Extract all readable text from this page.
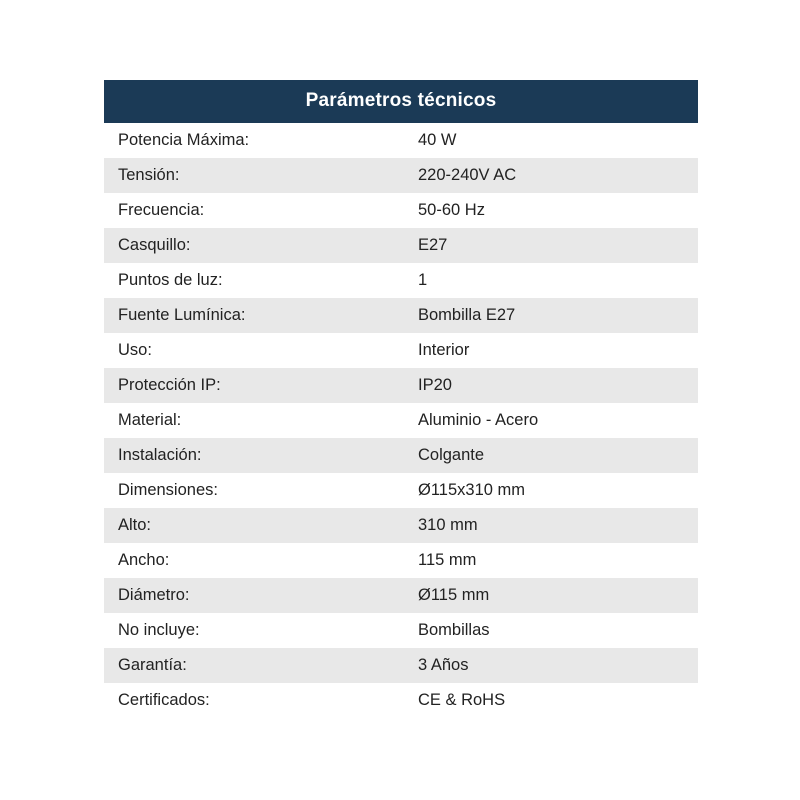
Parámetros técnicos
Potencia Máxima:	40 W
Tensión:	220-240V AC
Frecuencia:	50-60 Hz
Casquillo:	E27
Puntos de luz:	1
Fuente Lumínica:	Bombilla E27
Uso:	Interior
Protección IP:	IP20
Material:	Aluminio - Acero
Instalación:	Colgante
Dimensiones:	Ø115x310 mm
Alto:	310 mm
Ancho:	115 mm
Diámetro:	Ø115 mm
No incluye:	Bombillas
Garantía:	3 Años
Certificados:	CE & RoHS
